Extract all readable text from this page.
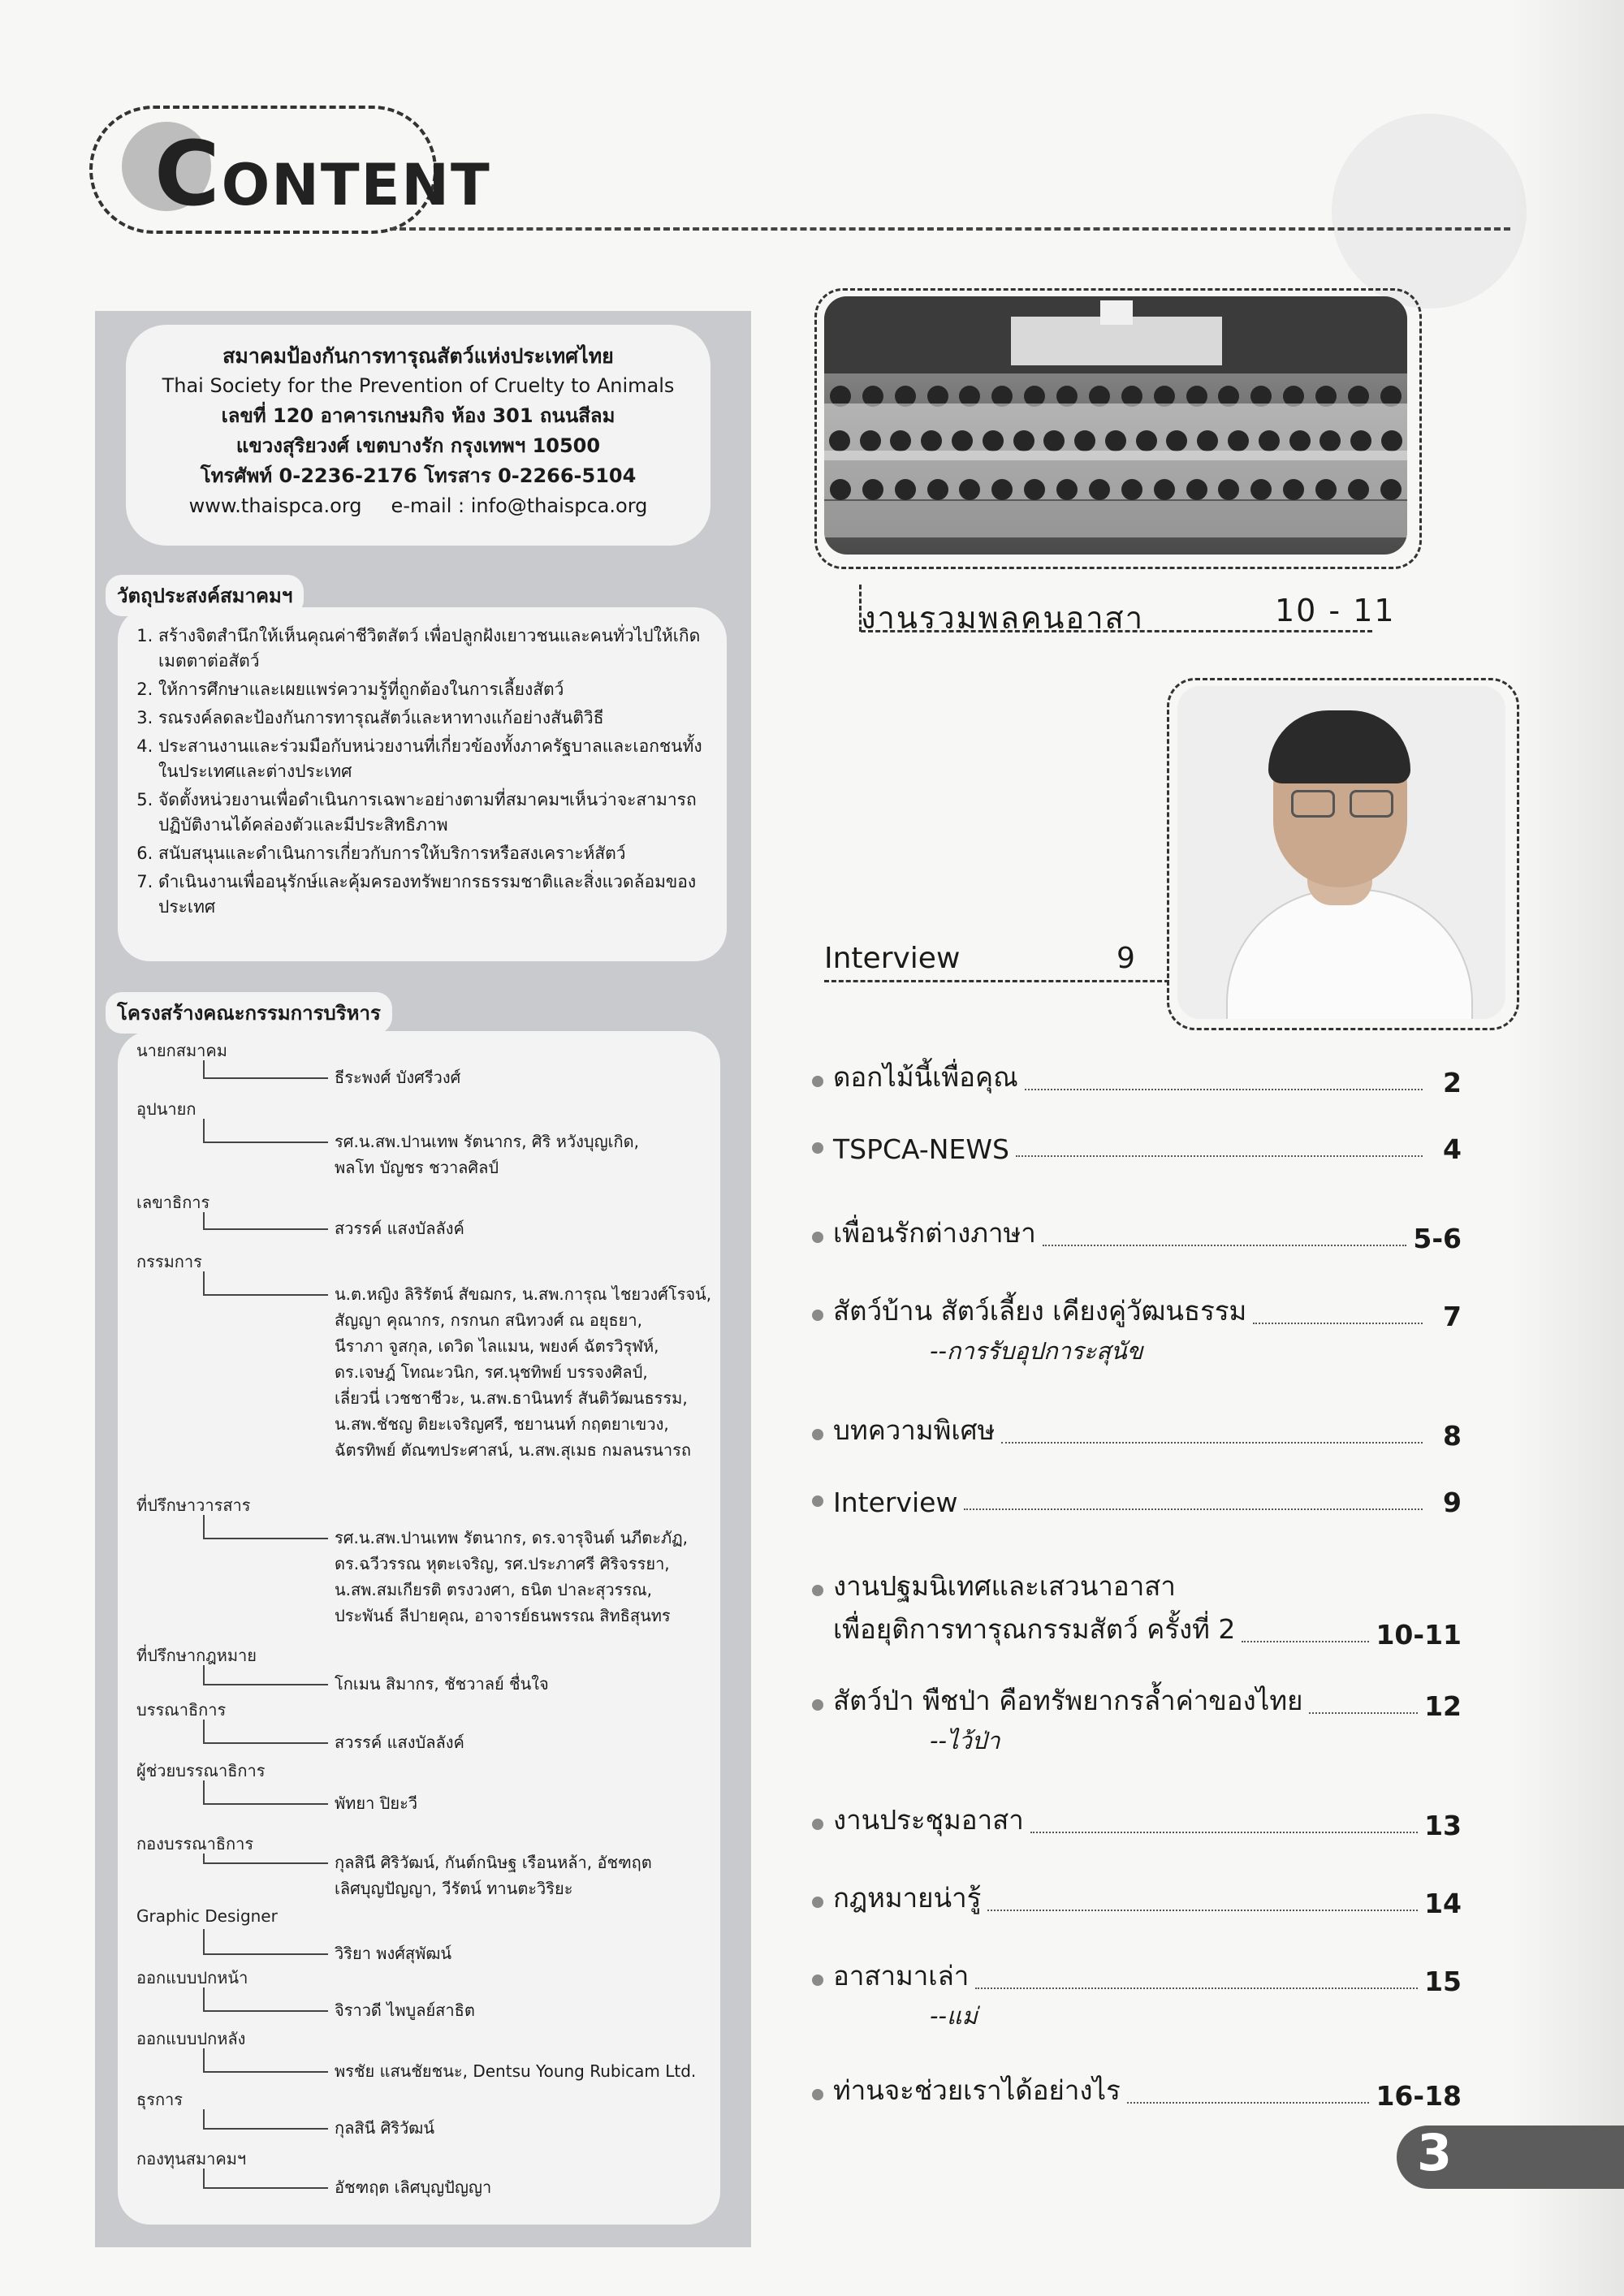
CONTENT
สมาคมป้องกันการทารุณสัตว์แห่งประเทศไทย
Thai Society for the Prevention of Cruelty to Animals
เลขที่ 120 อาคารเกษมกิจ ห้อง 301 ถนนสีลม
แขวงสุริยวงศ์ เขตบางรัก กรุงเทพฯ 10500
โทรศัพท์ 0-2236-2176 โทรสาร 0-2266-5104
www.thaispca.org e-mail : info@thaispca.org
วัตถุประสงค์สมาคมฯ
1. สร้างจิตสำนึกให้เห็นคุณค่าชีวิตสัตว์ เพื่อปลูกฝังเยาวชนและคนทั่วไปให้เกิดเมตตาต่อสัตว์
2. ให้การศึกษาและเผยแพร่ความรู้ที่ถูกต้องในการเลี้ยงสัตว์
3. รณรงค์ลดละป้องกันการทารุณสัตว์และหาทางแก้อย่างสันติวิธี
4. ประสานงานและร่วมมือกับหน่วยงานที่เกี่ยวข้องทั้งภาครัฐบาลและเอกชนทั้งในประเทศและต่างประเทศ
5. จัดตั้งหน่วยงานเพื่อดำเนินการเฉพาะอย่างตามที่สมาคมฯเห็นว่าจะสามารถปฏิบัติงานได้คล่องตัวและมีประสิทธิภาพ
6. สนับสนุนและดำเนินการเกี่ยวกับการให้บริการหรือสงเคราะห์สัตว์
7. ดำเนินงานเพื่ออนุรักษ์และคุ้มครองทรัพยากรธรรมชาติและสิ่งแวดล้อมของประเทศ
โครงสร้างคณะกรรมการบริหาร
นายกสมาคม
ธีระพงศ์ บังศรีวงศ์
อุปนายก
รศ.น.สพ.ปานเทพ รัตนากร, ศิริ หวังบุญเกิด,
พลโท บัญชร ชวาลศิลป์
เลขาธิการ
สวรรค์ แสงบัลลังค์
กรรมการ
น.ต.หญิง ลิริรัตน์ สัขฌกร, น.สพ.การุณ ไชยวงศ์โรจน์,
สัญญา คุณากร, กรกนก สนิทวงศ์ ณ อยุธยา,
นีราภา จูสกุล, เดวิด ไลแมน, พยงค์ ฉัตรวิรุฬห์,
ดร.เจษฎ์ โทณะวนิก, รศ.นุชทิพย์ บรรจงศิลป์,
เลี่ยวนี่ เวชชาชีวะ, น.สพ.ธานินทร์ สันติวัฒนธรรม,
น.สพ.ชัชญ ติยะเจริญศรี, ชยานนท์ กฤตยาเขวง,
ฉัตรทิพย์ ตัณฑประศาสน์, น.สพ.สุเมธ กมลนรนารถ
ที่ปรึกษาวารสาร
รศ.น.สพ.ปานเทพ รัตนากร, ดร.จารุจินต์ นภีตะภัฏ,
ดร.ฉวีวรรณ หุตะเจริญ, รศ.ประภาศรี ศิริจรรยา,
น.สพ.สมเกียรติ ตรงวงศา, ธนิต ปาละสุวรรณ,
ประพันธ์ ลีปายคุณ, อาจารย์ธนพรรณ สิทธิสุนทร
ที่ปรึกษากฎหมาย
โกเมน สิมากร, ชัชวาลย์ ชื่นใจ
บรรณาธิการ
สวรรค์ แสงบัลลังค์
ผู้ช่วยบรรณาธิการ
พัทยา ปิยะวี
กองบรรณาธิการ
กุลสินี ศิริวัฒน์, กันต์กนิษฐ เรือนหล้า, อัชฑฤต
เลิศบุญปัญญา, วีรัตน์ ทานตะวิริยะ
Graphic Designer
วิริยา พงศ์สุพัฒน์
ออกแบบปกหน้า
จิราวดี ไพบูลย์สาธิต
ออกแบบปกหลัง
พรชัย แสนชัยชนะ, Dentsu Young Rubicam Ltd.
ธุรการ
กุลสินี ศิริวัฒน์
กองทุนสมาคมฯ
อัชฑฤต เลิศบุญปัญญา
งานรวมพลคนอาสา	10 - 11
Interview	9
ดอกไม้นี้เพื่อคุณ	2
TSPCA-NEWS	4
เพื่อนรักต่างภาษา	5-6
สัตว์บ้าน สัตว์เลี้ยง เคียงคู่วัฒนธรรม	7
--การรับอุปการะสุนัข
บทความพิเศษ	8
Interview	9
งานปฐมนิเทศและเสวนาอาสา
เพื่อยุติการทารุณกรรมสัตว์ ครั้งที่ 2	10-11
สัตว์ป่า พืชป่า คือทรัพยากรล้ำค่าของไทย	12
--ไว้ป่า
งานประชุมอาสา	13
กฎหมายน่ารู้	14
อาสามาเล่า	15
--แม่
ท่านจะช่วยเราได้อย่างไร	16-18
3
